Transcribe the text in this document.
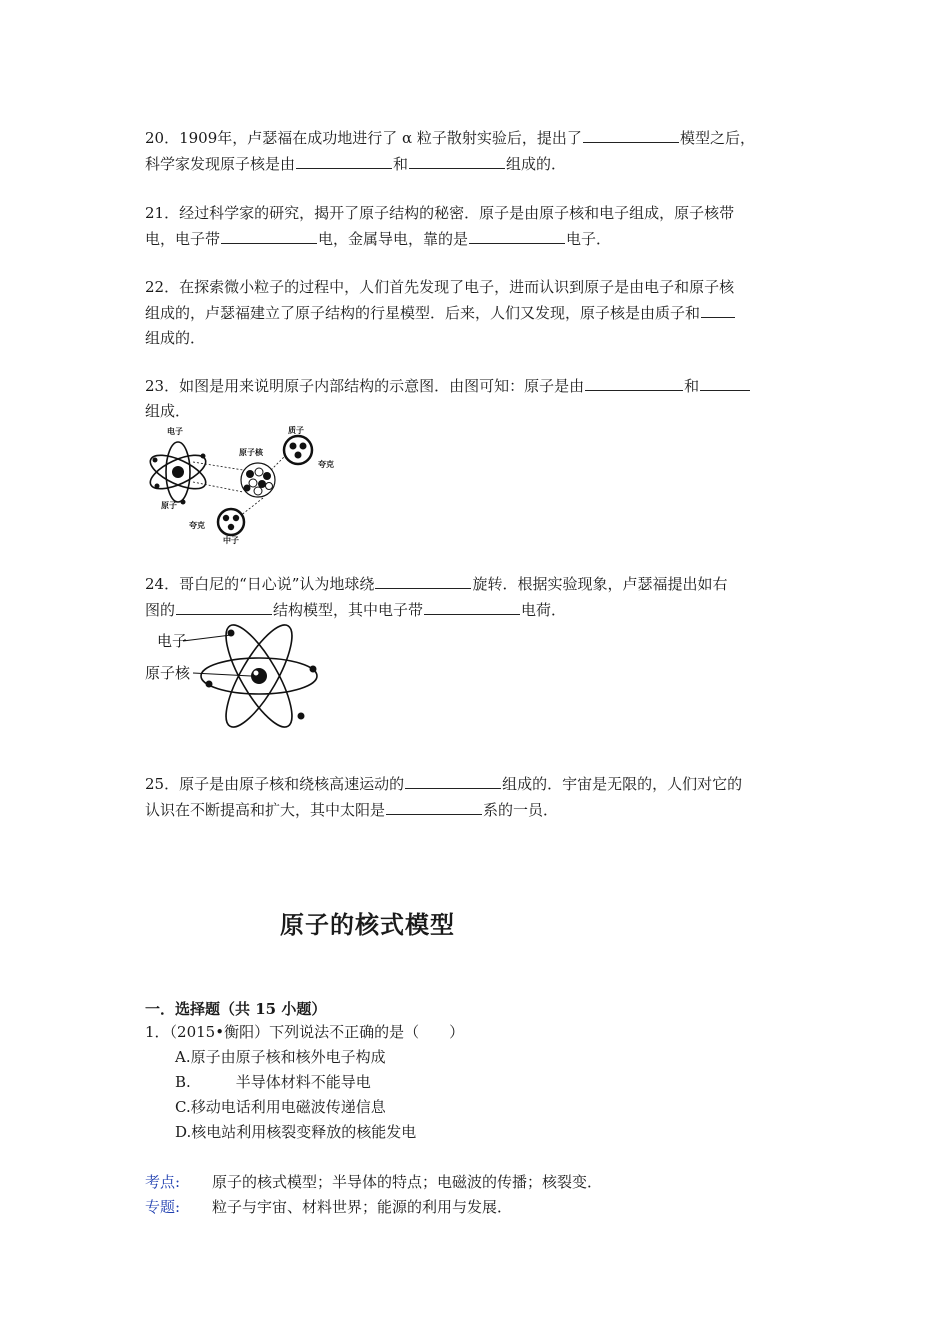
20．1909年，卢瑟福在成功地进行了 α 粒子散射实验后，提出了	模型之后，
科学家发现原子核是由	和	组成的．
21．经过科学家的研究，揭开了原子结构的秘密．原子是由原子核和电子组成，原子核带
电，电子带	电，金属导电，靠的是	电子．
22．在探索微小粒子的过程中，人们首先发现了电子，进而认识到原子是由电子和原子核
组成的，卢瑟福建立了原子结构的行星模型．后来，人们又发现，原子核是由质子和
组成的．
23．如图是用来说明原子内部结构的示意图．由图可知：原子是由	和
组成．
电子
原子核
质子
夸克
原子
夸克
中子
24．哥白尼的“日心说”认为地球绕	旋转．根据实验现象，卢瑟福提出如右
图的	结构模型，其中电子带	电荷．
电子
原子核
25．原子是由原子核和绕核高速运动的	组成的．宇宙是无限的，人们对它的
认识在不断提高和扩大，其中太阳是	系的一员．
原子的核式模型
一．选择题（共 15 小题）
1．（2015•衡阳）下列说法不正确的是（　　）
A.原子由原子核和核外电子构成
B.　　　半导体材料不能导电
C.移动电话利用电磁波传递信息
D.核电站利用核裂变释放的核能发电
考点: 原子的核式模型；半导体的特点；电磁波的传播；核裂变．
专题: 粒子与宇宙、材料世界；能源的利用与发展．
